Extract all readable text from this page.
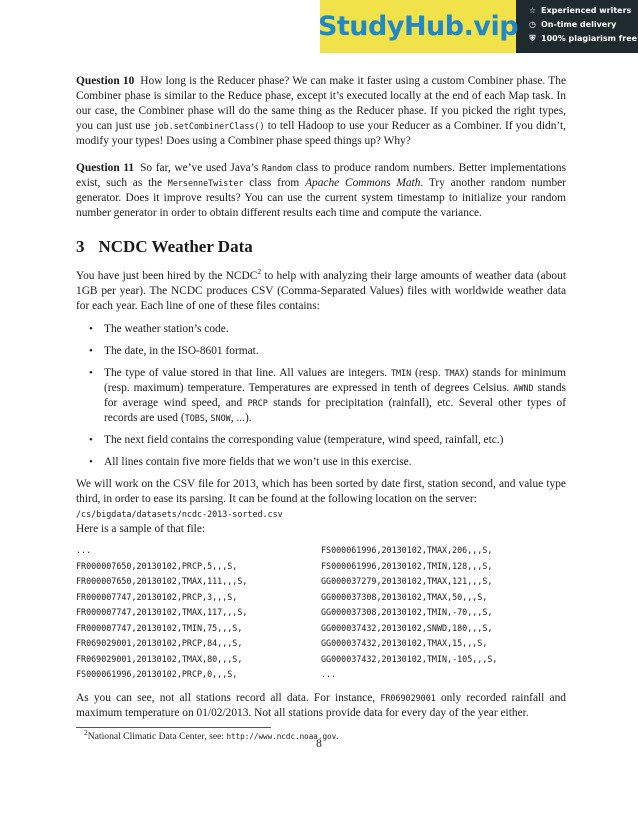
StudyHub.vip
☆ Experienced writers
◷ On-time delivery
⛨ 100% plagiarism free

Question 10 How long is the Reducer phase? We can make it faster using a custom Combiner phase. The Combiner phase is similar to the Reduce phase, except it’s executed locally at the end of each Map task. In our case, the Combiner phase will do the same thing as the Reducer phase. If you picked the right types, you can just use job.setCombinerClass() to tell Hadoop to use your Reducer as a Combiner. If you didn’t, modify your types! Does using a Combiner phase speed things up? Why?

Question 11 So far, we’ve used Java’s Random class to produce random numbers. Better implementations exist, such as the MersenneTwister class from Apache Commons Math. Try another random number generator. Does it improve results? You can use the current system timestamp to initialize your random number generator in order to obtain different results each time and compute the variance.

3 NCDC Weather Data

You have just been hired by the NCDC$^2$ to help with analyzing their large amounts of weather data (about 1GB per year). The NCDC produces CSV (Comma-Separated Values) files with worldwide weather data for each year. Each line of one of these files contains:

• The weather station’s code.
• The date, in the ISO-8601 format.
• The type of value stored in that line. All values are integers. TMIN (resp. TMAX) stands for minimum (resp. maximum) temperature. Temperatures are expressed in tenth of degrees Celsius. AWND stands for average wind speed, and PRCP stands for precipitation (rainfall), etc. Several other types of records are used (TOBS, SNOW, ...).
• The next field contains the corresponding value (temperature, wind speed, rainfall, etc.)
• All lines contain five more fields that we won’t use in this exercise.

We will work on the CSV file for 2013, which has been sorted by date first, station second, and value type third, in order to ease its parsing. It can be found at the following location on the server:
/cs/bigdata/datasets/ncdc-2013-sorted.csv
Here is a sample of that file:

...
FR000007650,20130102,PRCP,5,,,S,
FR000007650,20130102,TMAX,111,,,S,
FR000007747,20130102,PRCP,3,,,S,
FR000007747,20130102,TMAX,117,,,S,
FR000007747,20130102,TMIN,75,,,S,
FR069029001,20130102,PRCP,84,,,S,
FR069029001,20130102,TMAX,80,,,S,
FS000061996,20130102,PRCP,0,,,S,
FS000061996,20130102,TMAX,206,,,S,
FS000061996,20130102,TMIN,128,,,S,
GG000037279,20130102,TMAX,121,,,S,
GG000037308,20130102,TMAX,50,,,S,
GG000037308,20130102,TMIN,-70,,,S,
GG000037432,20130102,SNWD,180,,,S,
GG000037432,20130102,TMAX,15,,,S,
GG000037432,20130102,TMIN,-105,,,S,
...

As you can see, not all stations record all data. For instance, FR069029001 only recorded rainfall and maximum temperature on 01/02/2013. Not all stations provide data for every day of the year either.

$^2$National Climatic Data Center, see: http://www.ncdc.noaa.gov.
8
